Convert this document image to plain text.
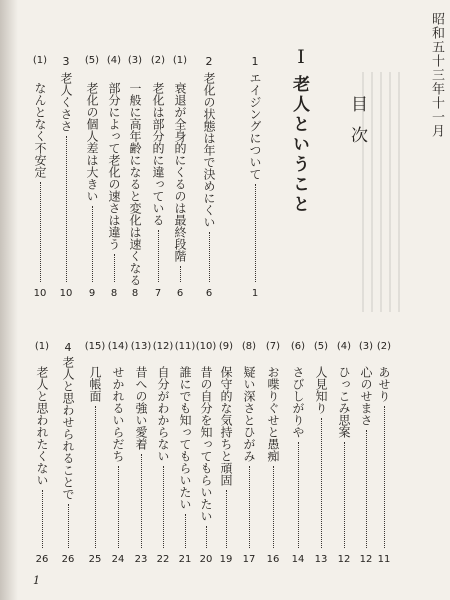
昭和五十三年十一月
目次
I
老人ということ
1
エイジングについて
1
2
老化の状態は年で決めにくい
6
(1)
衰退が全身的にくるのは最終段階
6
(2)
老化は部分的に違っている
7
(3)
一般に高年齢になると変化は速くなる
8
(4)
部分によって老化の速さは違う
8
(5)
老化の個人差は大きい
9
3
老人くささ
10
(1)
なんとなく不安定
10
(2)
あせり
11
(3)
心のせまさ
12
(4)
ひっこみ思案
12
(5)
人見知り
13
(6)
さびしがりや
14
(7)
お喋りぐせと愚痴
16
(8)
疑い深さとひがみ
17
(9)
保守的な気持ちと頑固
19
(10)
昔の自分を知ってもらいたい
20
(11)
誰にでも知ってもらいたい
21
(12)
自分がわからない
22
(13)
昔への強い愛着
23
(14)
せかれるいらだち
24
(15)
几帳面
25
4
老人と思わせられることで
26
(1)
老人と思われたくない
26
1
